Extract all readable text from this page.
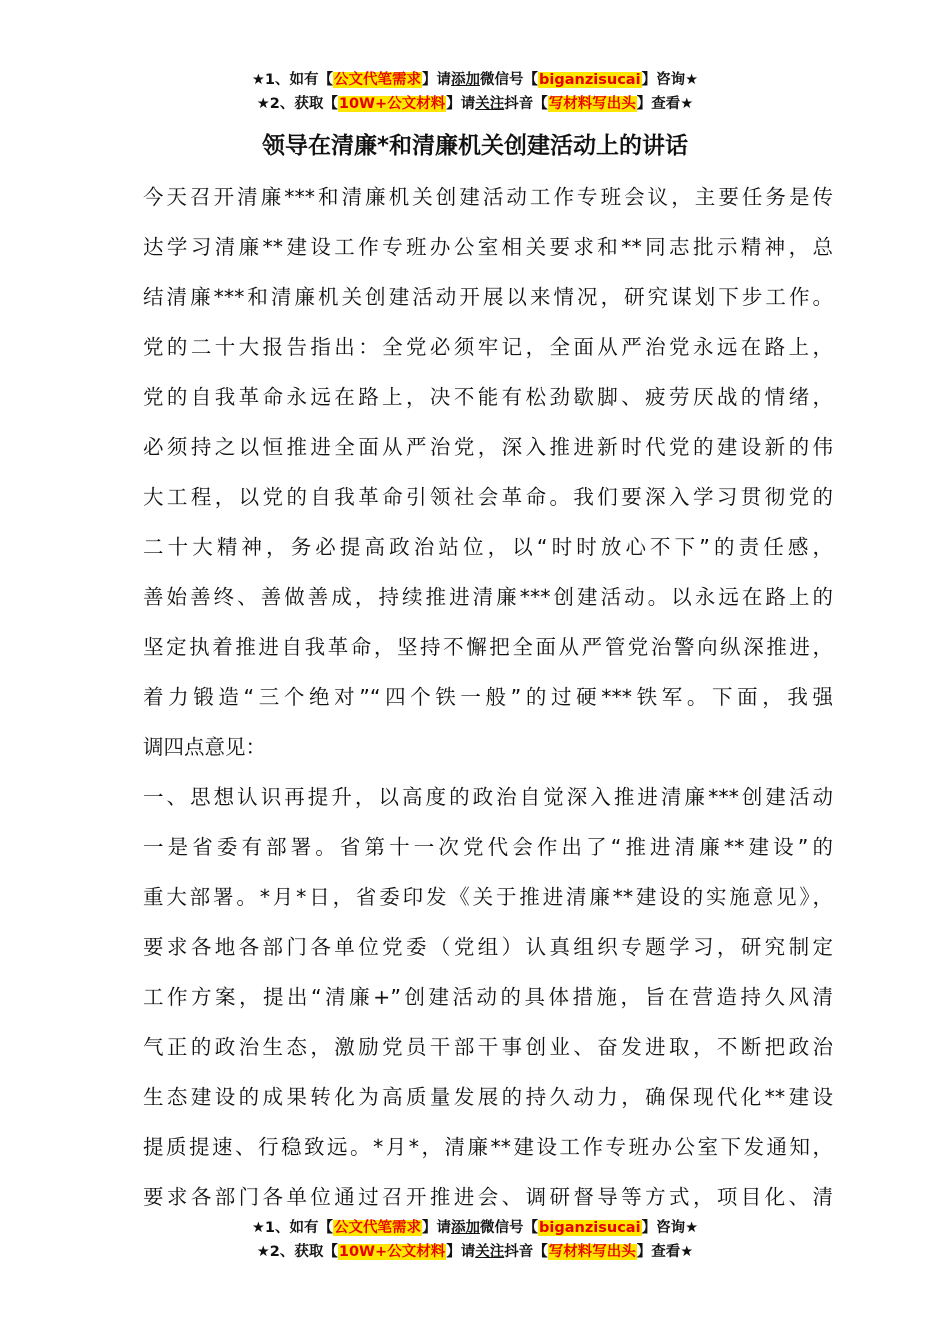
★1、如有【公文代笔需求】请添加微信号【biganzisucai】咨询★
★2、获取【10W+公文材料】请关注抖音【写材料写出头】查看★
领导在清廉*和清廉机关创建活动上的讲话
今天召开清廉***和清廉机关创建活动工作专班会议，主要任务是传
达学习清廉**建设工作专班办公室相关要求和**同志批示精神，总
结清廉***和清廉机关创建活动开展以来情况，研究谋划下步工作。
党的二十大报告指出：全党必须牢记，全面从严治党永远在路上，
党的自我革命永远在路上，决不能有松劲歇脚、疲劳厌战的情绪，
必须持之以恒推进全面从严治党，深入推进新时代党的建设新的伟
大工程，以党的自我革命引领社会革命。我们要深入学习贯彻党的
二十大精神，务必提高政治站位，以“时时放心不下”的责任感，
善始善终、善做善成，持续推进清廉***创建活动。以永远在路上的
坚定执着推进自我革命，坚持不懈把全面从严管党治警向纵深推进，
着力锻造“三个绝对”“四个铁一般”的过硬***铁军。下面，我强
调四点意见：
一、思想认识再提升，以高度的政治自觉深入推进清廉***创建活动
一是省委有部署。省第十一次党代会作出了“推进清廉**建设”的
重大部署。*月*日，省委印发《关于推进清廉**建设的实施意见》，
要求各地各部门各单位党委（党组）认真组织专题学习，研究制定
工作方案，提出“清廉+”创建活动的具体措施，旨在营造持久风清
气正的政治生态，激励党员干部干事创业、奋发进取，不断把政治
生态建设的成果转化为高质量发展的持久动力，确保现代化**建设
提质提速、行稳致远。*月*，清廉**建设工作专班办公室下发通知，
要求各部门各单位通过召开推进会、调研督导等方式，项目化、清
★1、如有【公文代笔需求】请添加微信号【biganzisucai】咨询★
★2、获取【10W+公文材料】请关注抖音【写材料写出头】查看★
